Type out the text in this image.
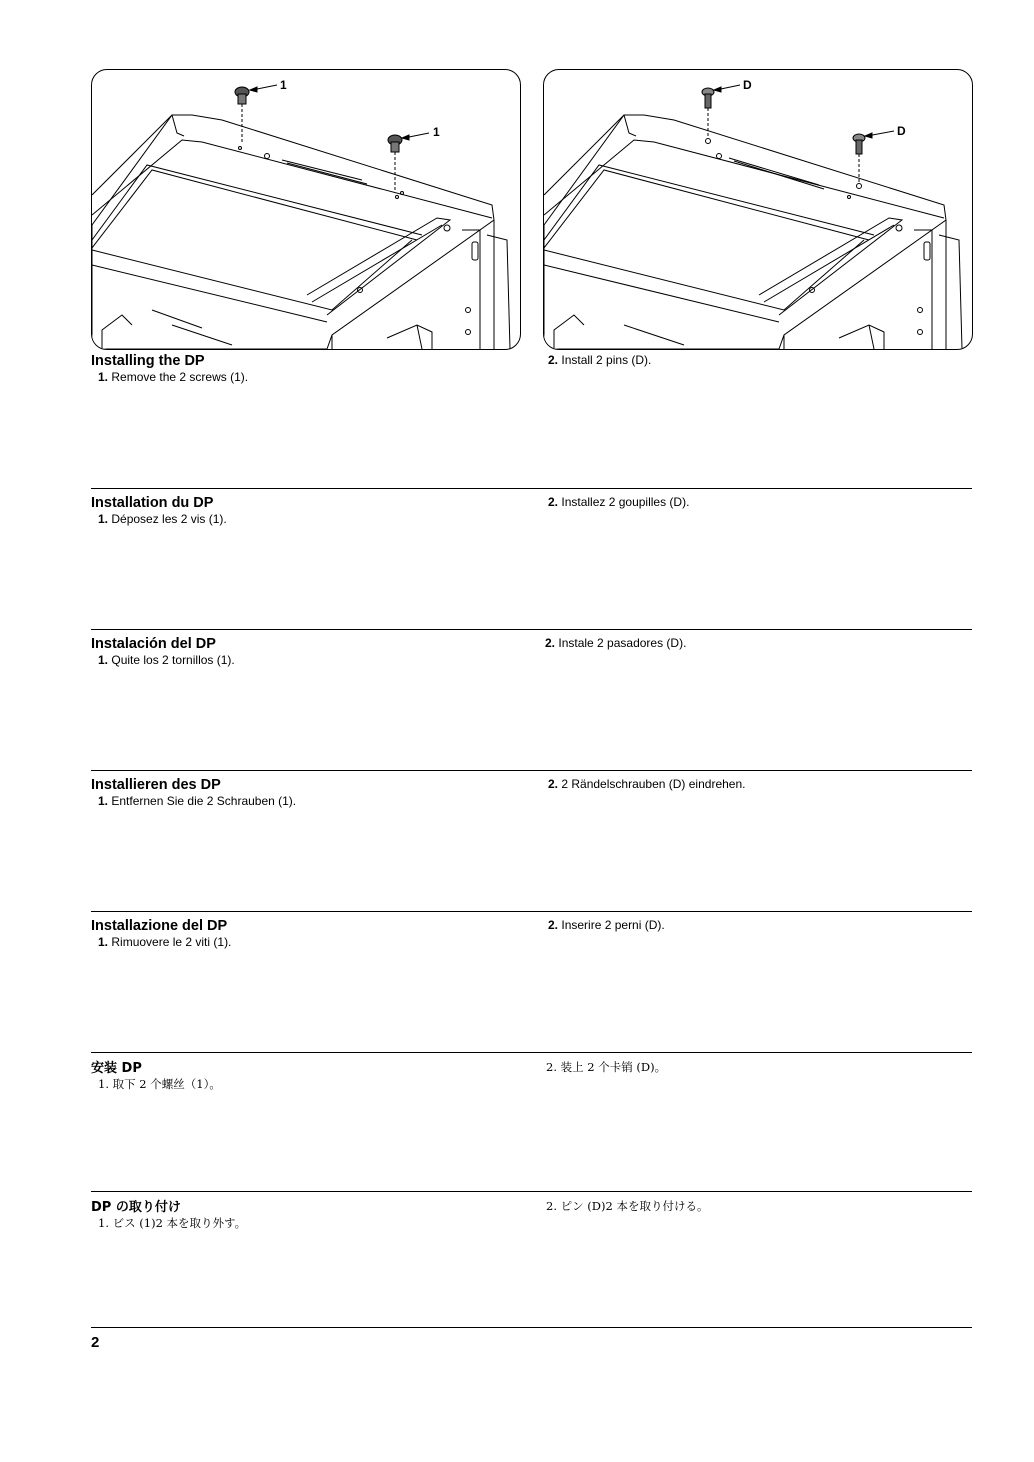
1
1
D
D
Installing the DP
1. Remove the 2 screws (1).
2. Install 2 pins (D).
Installation du DP
1. Déposez les 2 vis (1).
2. Installez 2 goupilles (D).
Instalación del DP
1. Quite los 2 tornillos (1).
2. Instale 2 pasadores (D).
Installieren des DP
1. Entfernen Sie die 2 Schrauben (1).
2. 2 Rändelschrauben (D) eindrehen.
Installazione del DP
1. Rimuovere le 2 viti (1).
2. Inserire 2 perni (D).
安装 DP
1. 取下 2 个螺丝（1）。
2. 装上 2 个卡销 (D)。
DP の取り付け
1. ビス (1)2 本を取り外す。
2. ピン (D)2 本を取り付ける。
2
